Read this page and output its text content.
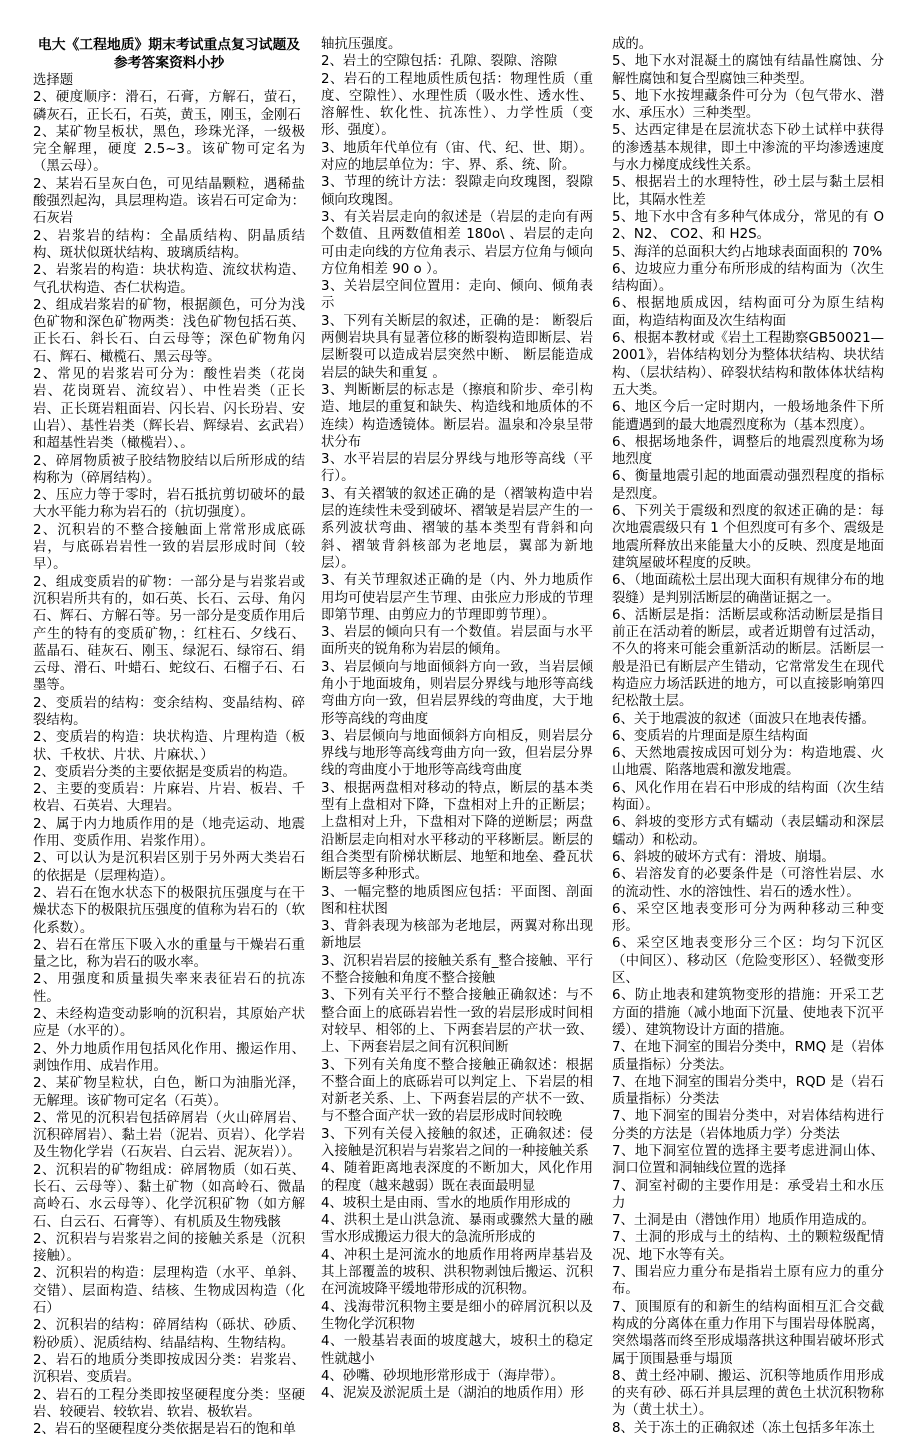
电大《工程地质》期末考试重点复习试题及参考答案资料小抄

选择题

2、硬度顺序：滑石，石膏，方解石，萤石，磷灰石，正长石，石英，黄玉，刚玉，金刚石

2、某矿物呈板状，黑色，珍珠光泽，一级极完全解理，硬度 2.5~3。该矿物可定名为（黑云母）。

2、某岩石呈灰白色，可见结晶颗粒，遇稀盐酸强烈起沟，具层理构造。该岩石可定命为：石灰岩

2、岩浆岩的结构：全晶质结构、阴晶质结构、斑状似斑状结构、玻璃质结构。

2、岩浆岩的构造：块状构造、流纹状构造、气孔状构造、杏仁状构造。

2、组成岩浆岩的矿物，根据颜色，可分为浅色矿物和深色矿物两类：浅色矿物包括石英、正长石、斜长石、白云母等；深色矿物角闪石、辉石、橄榄石、黑云母等。

2、常见的岩浆岩可分为：酸性岩类（花岗岩、花岗斑岩、流纹岩）、中性岩类（正长岩、正长斑岩粗面岩、闪长岩、闪长玢岩、安山岩）、基性岩类（辉长岩、辉绿岩、玄武岩）和超基性岩类（橄榄岩）、。

2、碎屑物质被子胶结物胶结以后所形成的结构称为（碎屑结构）。

2、压应力等于零时，岩石抵抗剪切破坏的最大水平能力称为岩石的（抗切强度）。

2、沉积岩的不整合接触面上常常形成底砾岩，与底砾岩岩性一致的岩层形成时间（较早）。

2、组成变质岩的矿物：一部分是与岩浆岩或沉积岩所共有的，如石英、长石、云母、角闪石、辉石、方解石等。另一部分是变质作用后产生的特有的变质矿物，：红柱石、夕线石、蓝晶石、硅灰石、刚玉、绿泥石、绿帘石、绢云母、滑石、叶蜡石、蛇纹石、石榴子石、石墨等。

2、变质岩的结构：变余结构、变晶结构、碎裂结构。

2、变质岩的构造：块状构造、片理构造（板状、千枚状、片状、片麻状、）

2、变质岩分类的主要依据是变质岩的构造。

2、主要的变质岩：片麻岩、片岩、板岩、千枚岩、石英岩、大理岩。

2、属于内力地质作用的是（地壳运动、地震作用、变质作用、岩浆作用）。

2、可以认为是沉积岩区别于另外两大类岩石的依据是（层理构造）。

2、岩石在饱水状态下的极限抗压强度与在干燥状态下的极限抗压强度的值称为岩石的（软化系数）。

2、岩石在常压下吸入水的重量与干燥岩石重量之比，称为岩石的吸水率。

2、用强度和质量损失率来表征岩石的抗冻性。

2、未经构造变动影响的沉积岩，其原始产状应是（水平的）。

2、外力地质作用包括风化作用、搬运作用、剥蚀作用、成岩作用。

2、某矿物呈粒状，白色，断口为油脂光泽，无解理。该矿物可定名（石英）。

2、常见的沉积岩包括碎屑岩（火山碎屑岩、沉积碎屑岩）、黏土岩（泥岩、页岩）、化学岩及生物化学岩（石灰岩、白云岩、泥灰岩））。

2、沉积岩的矿物组成：碎屑物质（如石英、长石、云母等）、黏土矿物（如高岭石、微晶高岭石、水云母等）、化学沉积矿物（如方解石、白云石、石膏等）、有机质及生物残骸

2、沉积岩与岩浆岩之间的接触关系是（沉积接触）。

2、沉积岩的构造：层理构造（水平、单斜、交错）、层面构造、结核、生物成因构造（化石）

2、沉积岩的结构：碎屑结构（砾状、砂质、粉砂质）、泥质结构、结晶结构、生物结构。

2、岩石的地质分类即按成因分类：岩浆岩、沉积岩、变质岩。

2、岩石的工程分类即按坚硬程度分类：坚硬岩、较硬岩、较软岩、软岩、极软岩。

2、岩石的坚硬程度分类依据是岩石的饱和单

轴抗压强度。

2、岩土的空隙包括：孔隙、裂隙、溶隙

2、岩石的工程地质性质包括：物理性质（重度、空隙性）、水理性质（吸水性、透水性、溶解性、软化性、抗冻性）、力学性质（变形、强度）。

3、地质年代单位有（宙、代、纪、世、期）。对应的地层单位为：宇、界、系、统、阶。

3、节理的统计方法：裂隙走向玫瑰图，裂隙倾向玫瑰图。

3、有关岩层走向的叙述是（岩层的走向有两个数值、且两数值相差 180o\ 、岩层的走向可由走向线的方位角表示、岩层方位角与倾向方位角相差 90 o ）。

3、关岩层空间位置用：走向、倾向、倾角表示

3、下列有关断层的叙述，正确的是： 断裂后两侧岩块具有显著位移的断裂构造即断层、岩层断裂可以造成岩层突然中断、 断层能造成岩层的缺失和重复 。

3、判断断层的标志是（擦痕和阶步、牵引构造、地层的重复和缺失、构造线和地质体的不连续）构造透镜体。断层岩。温泉和冷泉呈带状分布

3、水平岩层的岩层分界线与地形等高线（平行）。

3、有关褶皱的叙述正确的是（褶皱构造中岩层的连续性未受到破坏、褶皱是岩层产生的一系列波状弯曲、褶皱的基本类型有背斜和向斜、褶皱背斜核部为老地层，翼部为新地层）。

3、有关节理叙述正确的是（内、外力地质作用均可使岩层产生节理、由张应力形成的节理即第节理、由剪应力的节理即剪节理）。

3、岩层的倾向只有一个数值。岩层面与水平面所夹的锐角称为岩层的倾角。

3、岩层倾向与地面倾斜方向一致，当岩层倾角小于地面坡角，则岩层分界线与地形等高线弯曲方向一致，但岩层界线的弯曲度，大于地形等高线的弯曲度

3、岩层倾向与地面倾斜方向相反，则岩层分界线与地形等高线弯曲方向一致，但岩层分界线的弯曲度小于地形等高线弯曲度

3、根据两盘相对移动的特点，断层的基本类型有上盘相对下降，下盘相对上升的正断层；上盘相对上升，下盘相对下降的逆断层；两盘沿断层走向相对水平移动的平移断层。断层的组合类型有阶梯状断层、地堑和地垒、叠瓦状断层等多种形式。

3、一幅完整的地质图应包括：平面图、剖面图和柱状图

3、背斜表现为核部为老地层，两翼对称出现新地层

3、沉积岩岩层的接触关系有_整合接触、平行不整合接触和角度不整合接触

3、下列有关平行不整合接触正确叙述：与不整合面上的底砾岩岩性一致的岩层形成时间相对较早、相邻的上、下两套岩层的产状一致、上、下两套岩层之间有沉积间断

3、下列有关角度不整合接触正确叙述：根据不整合面上的底砾岩可以判定上、下岩层的相对新老关系、上、下两套岩层的产状不一致、与不整合面产状一致的岩层形成时间较晚

3、下列有关侵入接触的叙述，正确叙述：侵入接触是沉积岩与岩浆岩之间的一种接触关系

4、随着距离地表深度的不断加大，风化作用的程度（越来越弱）既在表面最明显

4、坡积土是由雨、雪水的地质作用形成的

4、洪积土是山洪急流、暴雨或骤然大量的融雪水形成搬运力很大的急流所形成的

4、冲积土是河流水的地质作用将两岸基岩及其上部覆盖的坡积、洪积物剥蚀后搬运、沉积在河流坡降平缓地带形成的沉积物。

4、浅海带沉积物主要是细小的碎屑沉积以及生物化学沉积物

4、一般基岩表面的坡度越大，坡积土的稳定性就越小

4、砂嘴、砂坝地形常形成于（海岸带）。

4、泥炭及淤泥质土是（湖泊的地质作用）形

成的。

5、地下水对混凝土的腐蚀有结晶性腐蚀、分解性腐蚀和复合型腐蚀三种类型。

5、地下水按埋藏条件可分为（包气带水、潜水、承压水）三种类型。

5、达西定律是在层流状态下砂土试样中获得的渗透基本规律，即土中渗流的平均渗透速度与水力梯度成线性关系。

5、根据岩土的水理特性，砂土层与黏土层相比，其隔水性差

5、地下水中含有多种气体成分，常见的有 O2、N2、 CO2、和 H2S。

5、海洋的总面积大约占地球表面面积的 70%

6、边坡应力重分布所形成的结构面为（次生结构面）。

6、根据地质成因，结构面可分为原生结构面，构造结构面及次生结构面

6、根据本教材或《岩土工程勘察GB50021—2001》，岩体结构划分为整体状结构、块状结构、（层状结构）、碎裂状结构和散体体状结构五大类。

6、地区今后一定时期内，一般场地条件下所能遭遇到的最大地震烈度称为（基本烈度）。

6、根据场地条件，调整后的地震烈度称为场地烈度

6、衡量地震引起的地面震动强烈程度的指标是烈度。

6、下列关于震级和烈度的叙述正确的是：每次地震震级只有 1 个但烈度可有多个、震级是地震所释放出来能量大小的反映、烈度是地面建筑屋破坏程度的反映。

6、（地面疏松土层出现大面积有规律分布的地裂缝）是判别活断层的确凿证据之一。

6、活断层是指：活断层或称活动断层是指目前正在活动着的断层，或者近期曾有过活动，不久的将来可能会重新活动的断层。活断层一般是沿已有断层产生错动，它常常发生在现代构造应力场活跃进的地方，可以直接影响第四纪松散土层。

6、关于地震波的叙述（面波只在地表传播。

6、变质岩的片理面是原生结构面

6、天然地震按成因可划分为：构造地震、火山地震、陷落地震和激发地震。

6、风化作用在岩石中形成的结构面（次生结构面）。

6、斜坡的变形方式有蠕动（表层蠕动和深层蠕动）和松动。

6、斜坡的破坏方式有：滑坡、崩塌。

6、岩溶发育的必要条件是（可溶性岩层、水的流动性、水的溶蚀性、岩石的透水性）。

6、采空区地表变形可分为两种移动三种变形。

6、采空区地表变形分三个区：均匀下沉区（中间区）、移动区（危险变形区）、轻微变形区、

6、防止地表和建筑物变形的措施：开采工艺方面的措施（减小地面下沉量、使地表下沉平缓）、建筑物设计方面的措施。

7、在地下洞室的围岩分类中，RMQ 是（岩体质量指标）分类法。

7、在地下洞室的围岩分类中，RQD 是（岩石质量指标）分类法

7、地下洞室的围岩分类中，对岩体结构进行分类的方法是（岩体地质力学）分类法

7、地下洞室位置的选择主要考虑进洞山体、洞口位置和洞轴线位置的选择

7、洞室衬砌的主要作用是：承受岩土和水压力

7、土洞是由（潜蚀作用）地质作用造成的。

7、土洞的形成与土的结构、土的颗粒级配情况、地下水等有关。

7、围岩应力重分布是指岩土原有应力的重分布。

7、顶围原有的和新生的结构面相互汇合交截构成的分离体在重力作用下与围岩母体脱离，突然塌落而终至形成塌落拱这种围岩破坏形式属于顶围悬垂与塌顶

8、黄土经冲刷、搬运、沉积等地质作用形成的夹有砂、砾石并具层理的黄色土状沉积物称为（黄土状土）。

8、关于冻土的正确叙述（冻土包括多年冻土
